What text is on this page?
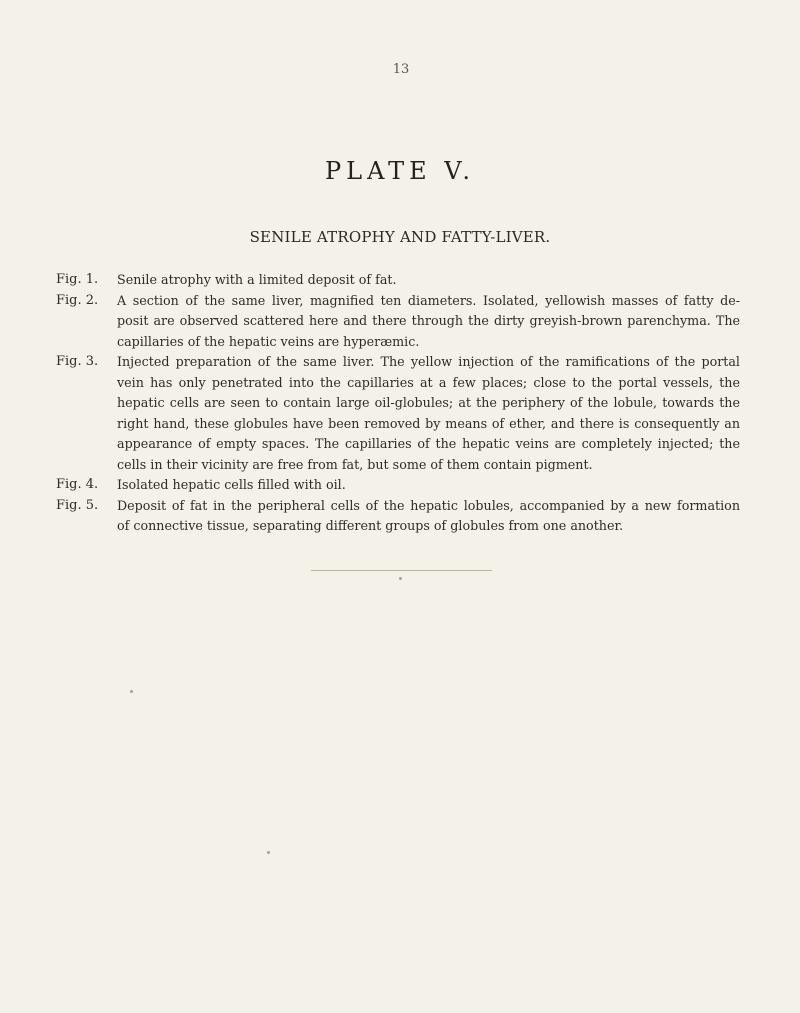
13
PLATE V.
SENILE ATROPHY AND FATTY-LIVER.
Fig. 1.	Senile atrophy with a limited deposit of fat.
Fig. 2.	A section of the same liver, magnified ten diameters. Isolated, yellowish masses of fatty de-
posit are observed scattered here and there through the dirty greyish-brown parenchyma. The
capillaries of the hepatic veins are hyperæmic.
Fig. 3.	Injected preparation of the same liver. The yellow injection of the ramifications of the portal
vein has only penetrated into the capillaries at a few places; close to the portal vessels, the
hepatic cells are seen to contain large oil-globules; at the periphery of the lobule, towards the
right hand, these globules have been removed by means of ether, and there is consequently an
appearance of empty spaces. The capillaries of the hepatic veins are completely injected; the
cells in their vicinity are free from fat, but some of them contain pigment.
Fig. 4.	Isolated hepatic cells filled with oil.
Fig. 5.	Deposit of fat in the peripheral cells of the hepatic lobules, accompanied by a new formation
of connective tissue, separating different groups of globules from one another.
